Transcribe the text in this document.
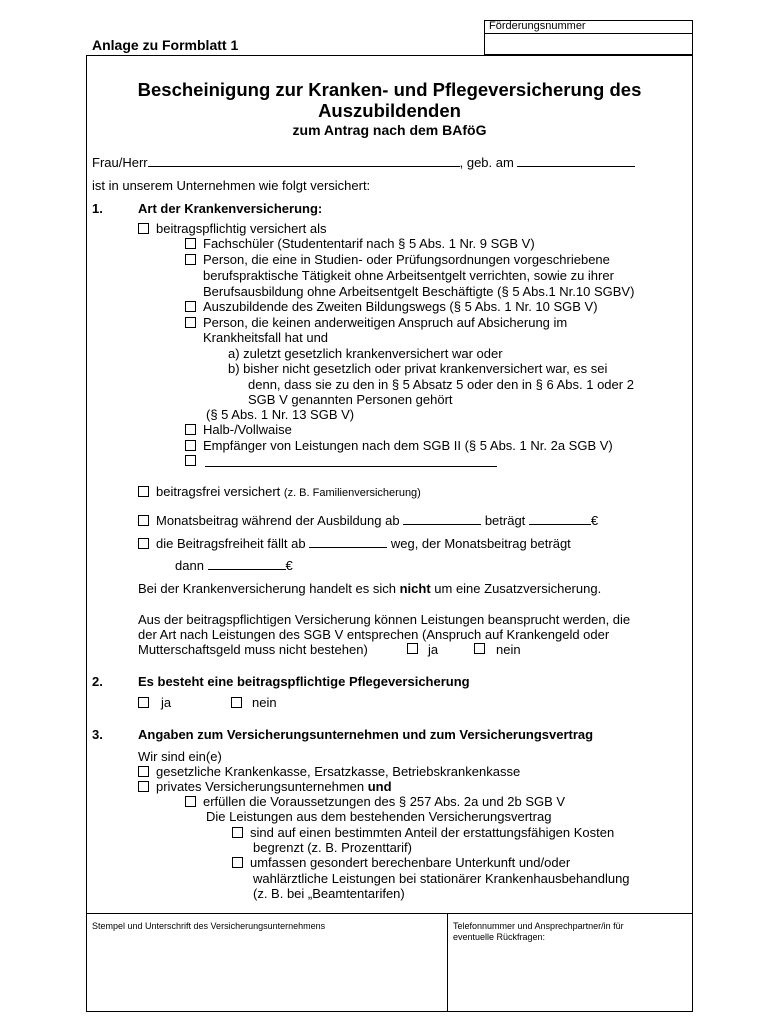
Förderungsnummer
Anlage zu Formblatt 1
Bescheinigung zur Kranken- und Pflegeversicherung des
Auszubildenden
zum Antrag nach dem BAföG
Frau/Herr	, geb. am
ist in unserem Unternehmen wie folgt versichert:
1.	Art der Krankenversicherung:
beitragspflichtig versichert als
Fachschüler (Studententarif nach § 5 Abs. 1 Nr. 9 SGB V)
Person, die eine in Studien- oder Prüfungsordnungen vorgeschriebene
berufspraktische Tätigkeit ohne Arbeitsentgelt verrichten, sowie zu ihrer
Berufsausbildung ohne Arbeitsentgelt Beschäftigte (§ 5 Abs.1 Nr.10 SGBV)
Auszubildende des Zweiten Bildungswegs (§ 5 Abs. 1 Nr. 10 SGB V)
Person, die keinen anderweitigen Anspruch auf Absicherung im
Krankheitsfall hat und
a) zuletzt gesetzlich krankenversichert war oder
b) bisher nicht gesetzlich oder privat krankenversichert war, es sei
denn, dass sie zu den in § 5 Absatz 5 oder den in § 6 Abs. 1 oder 2
SGB V genannten Personen gehört
(§ 5 Abs. 1 Nr. 13 SGB V)
Halb-/Vollwaise
Empfänger von Leistungen nach dem SGB II (§ 5 Abs. 1 Nr. 2a SGB V)
beitragsfrei versichert (z. B. Familienversicherung)
Monatsbeitrag während der Ausbildung ab	beträgt	€
die Beitragsfreiheit fällt ab	weg, der Monatsbeitrag beträgt
dann	€
Bei der Krankenversicherung handelt es sich nicht um eine Zusatzversicherung.
Aus der beitragspflichtigen Versicherung können Leistungen beansprucht werden, die
der Art nach Leistungen des SGB V entsprechen (Anspruch auf Krankengeld oder
Mutterschaftsgeld muss nicht bestehen)	ja	nein
2.	Es besteht eine beitragspflichtige Pflegeversicherung
ja	nein
3.	Angaben zum Versicherungsunternehmen und zum Versicherungsvertrag
Wir sind ein(e)
gesetzliche Krankenkasse, Ersatzkasse, Betriebskrankenkasse
privates Versicherungsunternehmen und
erfüllen die Voraussetzungen des § 257 Abs. 2a und 2b SGB V
Die Leistungen aus dem bestehenden Versicherungsvertrag
sind auf einen bestimmten Anteil der erstattungsfähigen Kosten
begrenzt (z. B. Prozenttarif)
umfassen gesondert berechenbare Unterkunft und/oder
wahlärztliche Leistungen bei stationärer Krankenhausbehandlung
(z. B. bei „Beamtentarifen)
Stempel und Unterschrift des Versicherungsunternehmens	Telefonnummer und Ansprechpartner/in für
eventuelle Rückfragen:
